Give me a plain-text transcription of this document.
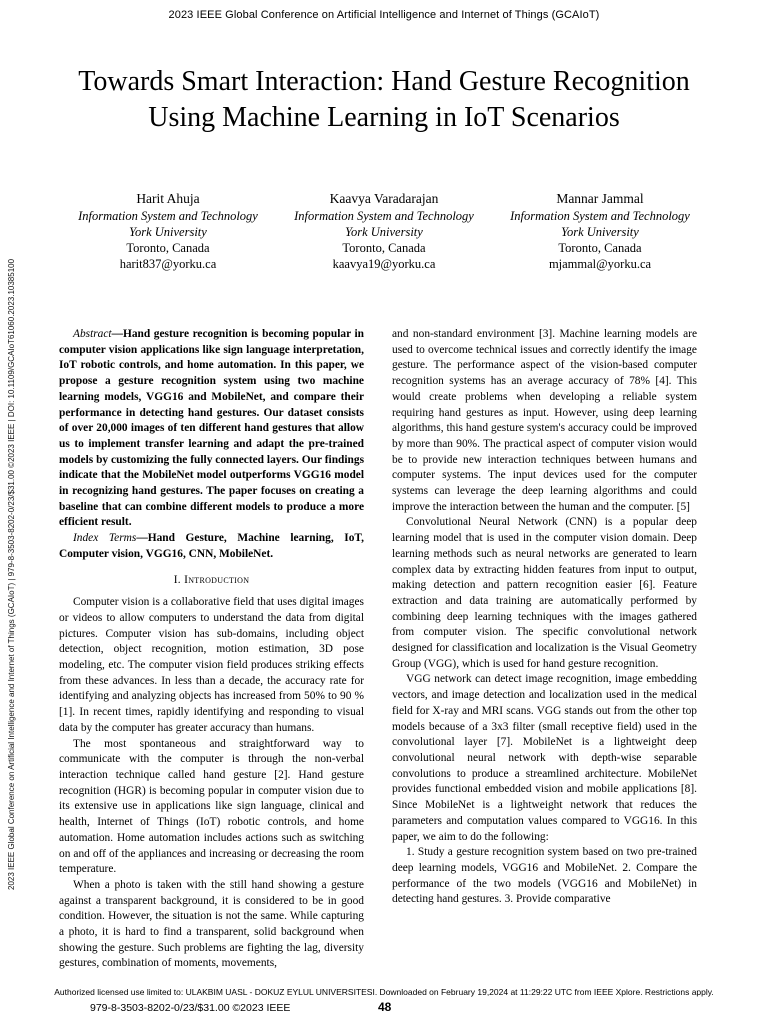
2023 IEEE Global Conference on Artificial Intelligence and Internet of Things (GCAIoT)
2023 IEEE Global Conference on Artificial Intelligence and Internet of Things (GCAIoT) | 979-8-3503-8202-0/23/$31.00 ©2023 IEEE | DOI: 10.1109/GCAIoT61060.2023.10385100
Towards Smart Interaction: Hand Gesture Recognition Using Machine Learning in IoT Scenarios
Harit Ahuja
Information System and Technology
York University
Toronto, Canada
harit837@yorku.ca
Kaavya Varadarajan
Information System and Technology
York University
Toronto, Canada
kaavya19@yorku.ca
Mannar Jammal
Information System and Technology
York University
Toronto, Canada
mjammal@yorku.ca

Abstract—Hand gesture recognition is becoming popular in computer vision applications like sign language interpretation, IoT robotic controls, and home automation. In this paper, we propose a gesture recognition system using two machine learning models, VGG16 and MobileNet, and compare their performance in detecting hand gestures. Our dataset consists of over 20,000 images of ten different hand gestures that allow us to implement transfer learning and adapt the pre-trained models by customizing the fully connected layers. Our findings indicate that the MobileNet model outperforms VGG16 model in recognizing hand gestures. The paper focuses on creating a baseline that can combine different models to produce a more efficient result.

Index Terms—Hand Gesture, Machine learning, IoT, Computer vision, VGG16, CNN, MobileNet.

I. Introduction

Computer vision is a collaborative field that uses digital images or videos to allow computers to understand the data from digital pictures. Computer vision has sub-domains, including object detection, object recognition, motion estimation, 3D pose modeling, etc. The computer vision field produces striking effects from these advances. In less than a decade, the accuracy rate for identifying and analyzing objects has increased from 50% to 90 % [1]. In recent times, rapidly identifying and responding to visual data by the computer has greater accuracy than humans.

The most spontaneous and straightforward way to communicate with the computer is through the non-verbal interaction technique called hand gesture [2]. Hand gesture recognition (HGR) is becoming popular in computer vision due to its extensive use in applications like sign language, clinical and health, Internet of Things (IoT) robotic controls, and home automation. Home automation includes actions such as switching on and off of the appliances and increasing or decreasing the room temperature.

When a photo is taken with the still hand showing a gesture against a transparent background, it is considered to be in good condition. However, the situation is not the same. While capturing a photo, it is hard to find a transparent, solid background when showing the gesture. Such problems are fighting the lag, diversity gestures, combination of moments, movements,

and non-standard environment [3]. Machine learning models are used to overcome technical issues and correctly identify the image gesture. The performance aspect of the vision-based computer recognition systems has an average accuracy of 78% [4]. This would create problems when developing a reliable system requiring hand gestures as input. However, using deep learning algorithms, this hand gesture system's accuracy could be improved by more than 90%. The practical aspect of computer vision would be to provide new interaction techniques between humans and computer systems. The input devices used for the computer systems can leverage the deep learning algorithms and could improve the interaction between the human and the computer. [5]

Convolutional Neural Network (CNN) is a popular deep learning model that is used in the computer vision domain. Deep learning methods such as neural networks are generated to learn complex data by extracting hidden features from input to output, making detection and pattern recognition easier [6]. Feature extraction and data training are automatically performed by combining deep learning techniques with the images gathered from computer vision. The specific convolutional network designed for classification and localization is the Visual Geometry Group (VGG), which is used for hand gesture recognition.

VGG network can detect image recognition, image embedding vectors, and image detection and localization used in the medical field for X-ray and MRI scans. VGG stands out from the other top models because of a 3x3 filter (small receptive field) used in the convolutional layer [7]. MobileNet is a lightweight deep convolutional neural network with depth-wise separable convolutions to produce a streamlined architecture. MobileNet provides functional embedded vision and mobile applications [8]. Since MobileNet is a lightweight network that reduces the parameters and computation values compared to VGG16. In this paper, we aim to do the following:

1. Study a gesture recognition system based on two pre-trained deep learning models, VGG16 and MobileNet. 2. Compare the performance of the two models (VGG16 and MobileNet) in detecting hand gestures. 3. Provide comparative

Authorized licensed use limited to: ULAKBIM UASL - DOKUZ EYLUL UNIVERSITESI. Downloaded on February 19,2024 at 11:29:22 UTC from IEEE Xplore. Restrictions apply.
979-8-3503-8202-0/23/$31.00 ©2023 IEEE	48
